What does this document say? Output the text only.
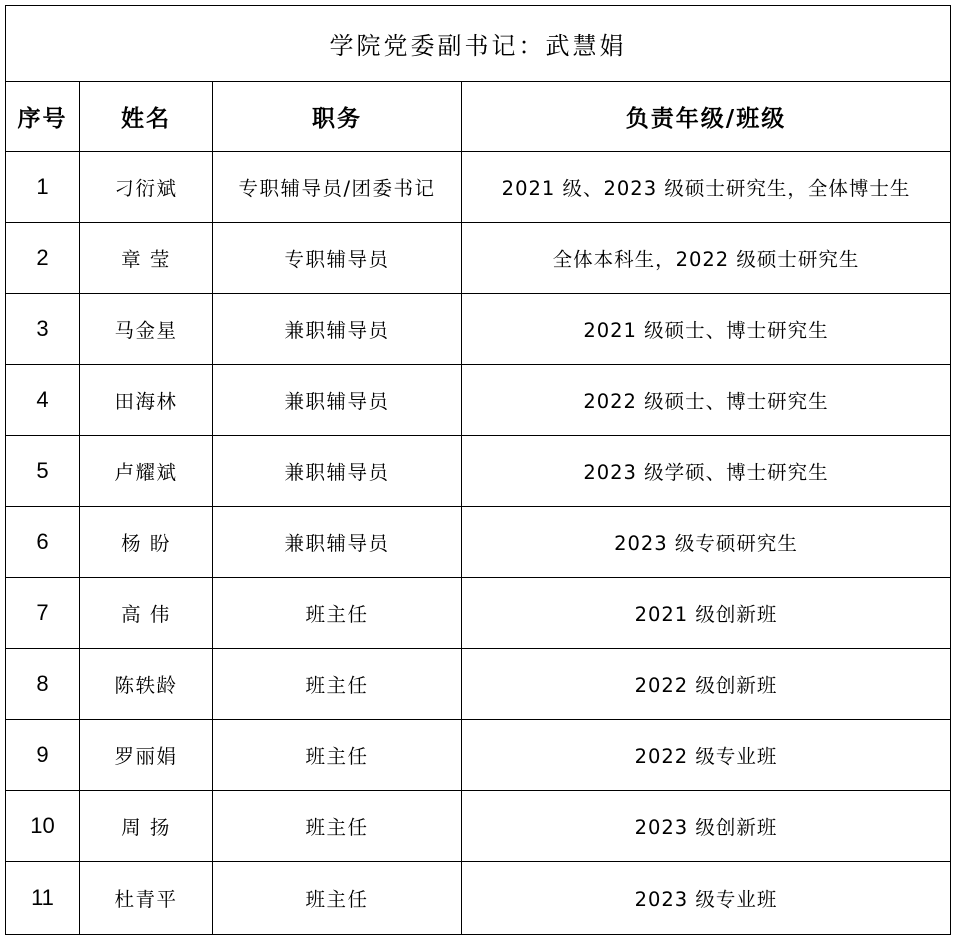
学院党委副书记：武慧娟			
序号	姓名	职务	负责年级/班级
1	刁衍斌	专职辅导员/团委书记	2021 级、2023 级硕士研究生，全体博士生
2	章 莹	专职辅导员	全体本科生，2022 级硕士研究生
3	马金星	兼职辅导员	2021 级硕士、博士研究生
4	田海林	兼职辅导员	2022 级硕士、博士研究生
5	卢耀斌	兼职辅导员	2023 级学硕、博士研究生
6	杨 盼	兼职辅导员	2023 级专硕研究生
7	高 伟	班主任	2021 级创新班
8	陈轶龄	班主任	2022 级创新班
9	罗丽娟	班主任	2022 级专业班
10	周 扬	班主任	2023 级创新班
11	杜青平	班主任	2023 级专业班
